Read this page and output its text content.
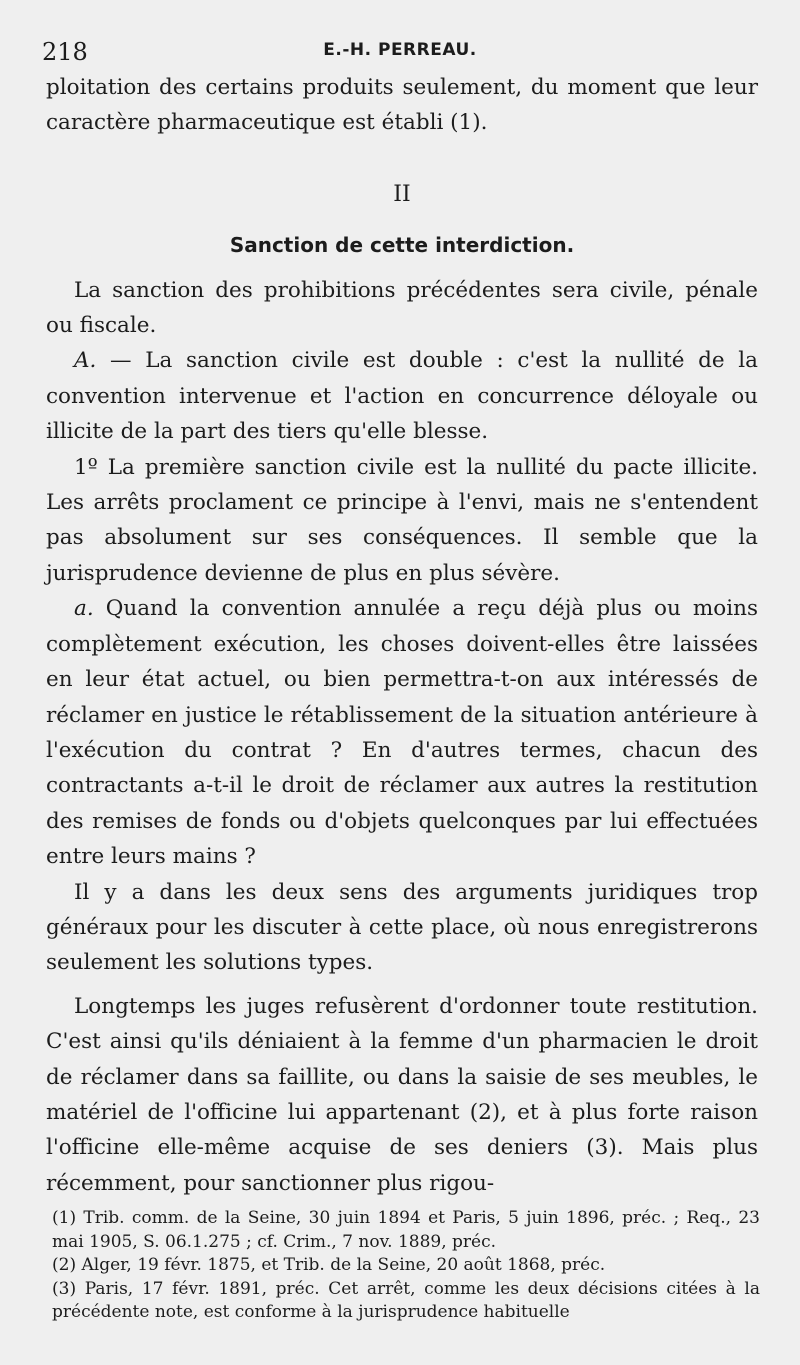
218	E.-H. PERREAU.

ploitation des certains produits seulement, du moment que leur caractère pharmaceutique est établi (1).

II

Sanction de cette interdiction.

La sanction des prohibitions précédentes sera civile, pénale ou fiscale.

A. — La sanction civile est double : c'est la nullité de la convention intervenue et l'action en concurrence déloyale ou illicite de la part des tiers qu'elle blesse.

1º La première sanction civile est la nullité du pacte illicite. Les arrêts proclament ce principe à l'envi, mais ne s'entendent pas absolument sur ses conséquences. Il semble que la jurisprudence devienne de plus en plus sévère.

a. Quand la convention annulée a reçu déjà plus ou moins complètement exécution, les choses doivent-elles être laissées en leur état actuel, ou bien permettra-t-on aux intéressés de réclamer en justice le rétablissement de la situation antérieure à l'exécution du contrat ? En d'autres termes, chacun des contractants a-t-il le droit de réclamer aux autres la restitution des remises de fonds ou d'objets quelconques par lui effectuées entre leurs mains ?

Il y a dans les deux sens des arguments juridiques trop généraux pour les discuter à cette place, où nous enregistrerons seulement les solutions types.

Longtemps les juges refusèrent d'ordonner toute restitution. C'est ainsi qu'ils déniaient à la femme d'un pharmacien le droit de réclamer dans sa faillite, ou dans la saisie de ses meubles, le matériel de l'officine lui appartenant (2), et à plus forte raison l'officine elle-même acquise de ses deniers (3). Mais plus récemment, pour sanctionner plus rigou-

(1) Trib. comm. de la Seine, 30 juin 1894 et Paris, 5 juin 1896, préc. ; Req., 23 mai 1905, S. 06.1.275 ; cf. Crim., 7 nov. 1889, préc.

(2) Alger, 19 févr. 1875, et Trib. de la Seine, 20 août 1868, préc.

(3) Paris, 17 févr. 1891, préc. Cet arrêt, comme les deux décisions citées à la précédente note, est conforme à la jurisprudence habituelle
